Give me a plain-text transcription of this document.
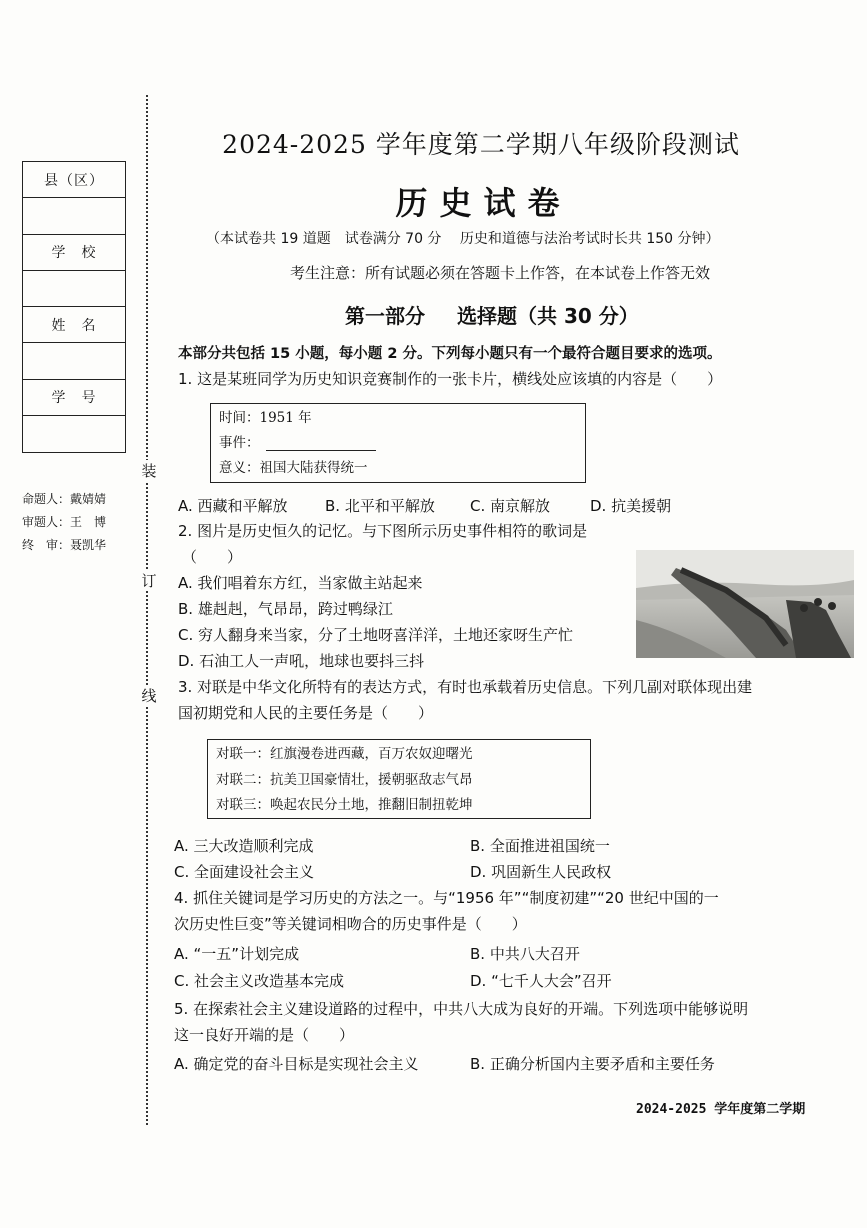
装
订
线
县（区）
学　校
姓　名
学　号
命题人：戴婧婧
审题人：王　博
终　审：聂凯华
2024-2025 学年度第二学期八年级阶段测试
历史试卷
（本试卷共 19 道题　试卷满分 70 分　 历史和道德与法治考试时长共 150 分钟）
考生注意：所有试题必须在答题卡上作答，在本试卷上作答无效
第一部分 选择题（共 30 分）
本部分共包括 15 小题，每小题 2 分。下列每小题只有一个最符合题目要求的选项。
1. 这是某班同学为历史知识竞赛制作的一张卡片，横线处应该填的内容是（　　）
时间：1951 年
事件：
意义：祖国大陆获得统一
A. 西藏和平解放 B. 北平和平解放 C. 南京解放	D. 抗美援朝
2. 图片是历史恒久的记忆。与下图所示历史事件相符的歌词是
（　　）
A. 我们唱着东方红，当家做主站起来
B. 雄赳赳，气昂昂，跨过鸭绿江
C. 穷人翻身来当家，分了土地呀喜洋洋，土地还家呀生产忙
D. 石油工人一声吼，地球也要抖三抖
3. 对联是中华文化所特有的表达方式，有时也承载着历史信息。下列几副对联体现出建
国初期党和人民的主要任务是（　　）
对联一：红旗漫卷进西藏，百万农奴迎曙光
对联二：抗美卫国豪情壮，援朝驱敌志气昂
对联三：唤起农民分土地，推翻旧制扭乾坤
A. 三大改造顺利完成	B. 全面推进祖国统一
C. 全面建设社会主义	D. 巩固新生人民政权
4. 抓住关键词是学习历史的方法之一。与“1956 年”“制度初建”“20 世纪中国的一
次历史性巨变”等关键词相吻合的历史事件是（　　）
A. “一五”计划完成	B. 中共八大召开
C. 社会主义改造基本完成	D. “七千人大会”召开
5. 在探索社会主义建设道路的过程中，中共八大成为良好的开端。下列选项中能够说明
这一良好开端的是（　　）
A. 确定党的奋斗目标是实现社会主义	B. 正确分析国内主要矛盾和主要任务
2024-2025 学年度第二学期
